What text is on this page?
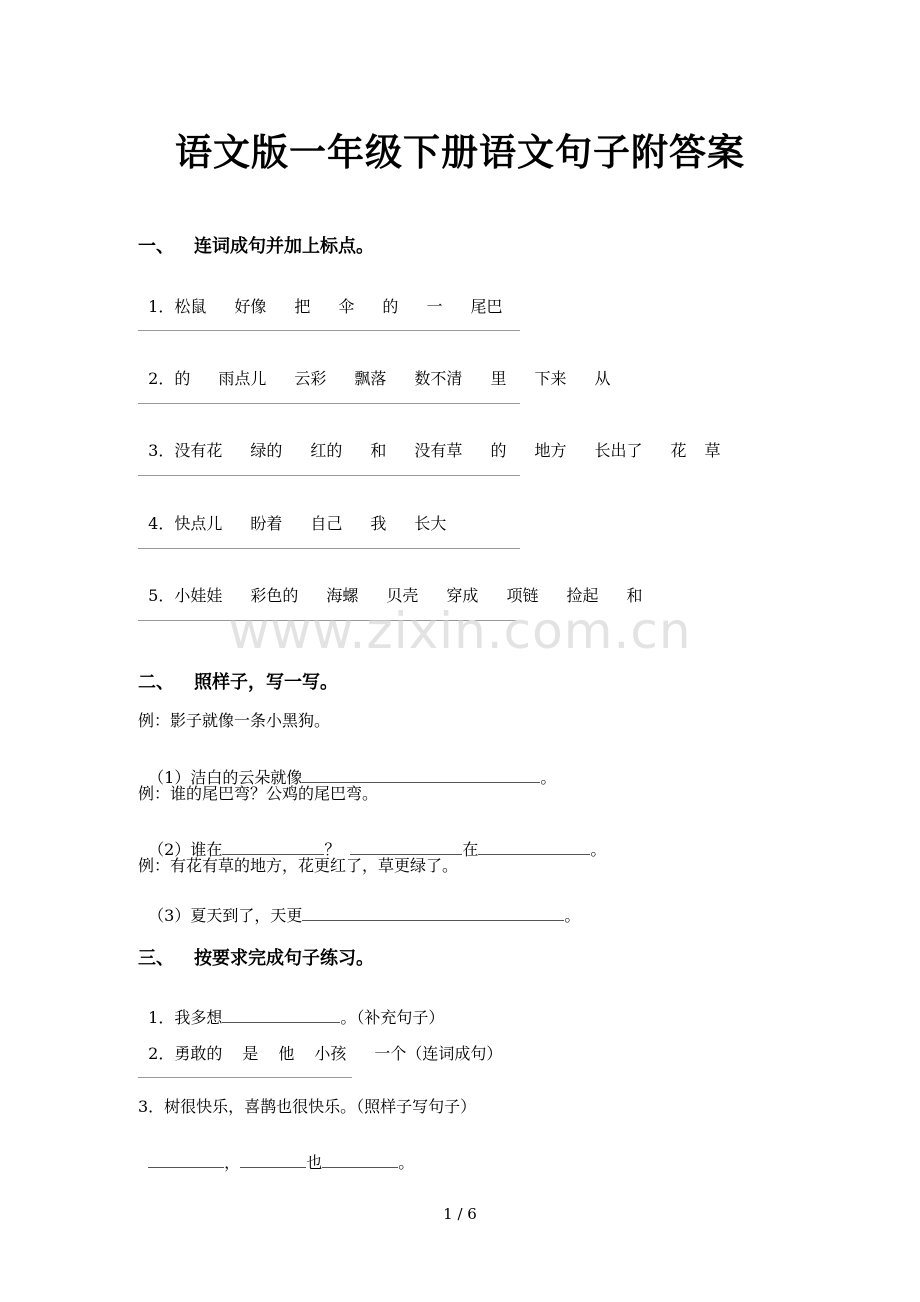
语文版一年级下册语文句子附答案
一、 连词成句并加上标点。

1．松鼠 好像 把 伞 的 一 尾巴

2．的 雨点儿 云彩 飘落 数不清 里 下来 从

3．没有花 绿的 红的 和 没有草 的 地方 长出了 花 草

4．快点儿 盼着 自己 我 长大

5．小娃娃 彩色的 海螺 贝壳 穿成 项链 捡起 和

www.zixin.com.cn
二、 照样子，写一写。
例：影子就像一条小黑狗。

（1）洁白的云朵就像	。

例：谁的尾巴弯？公鸡的尾巴弯。

（2）谁在	？	在	。

例：有花有草的地方，花更红了，草更绿了。

（3）夏天到了，天更	。

三、 按要求完成句子练习。

1．我多想	。（补充句子）

2．勇敢的 是 他 小孩 一个（连词成句）

3．树很快乐，喜鹊也很快乐。（照样子写句子）

，	也	。

1 / 6
